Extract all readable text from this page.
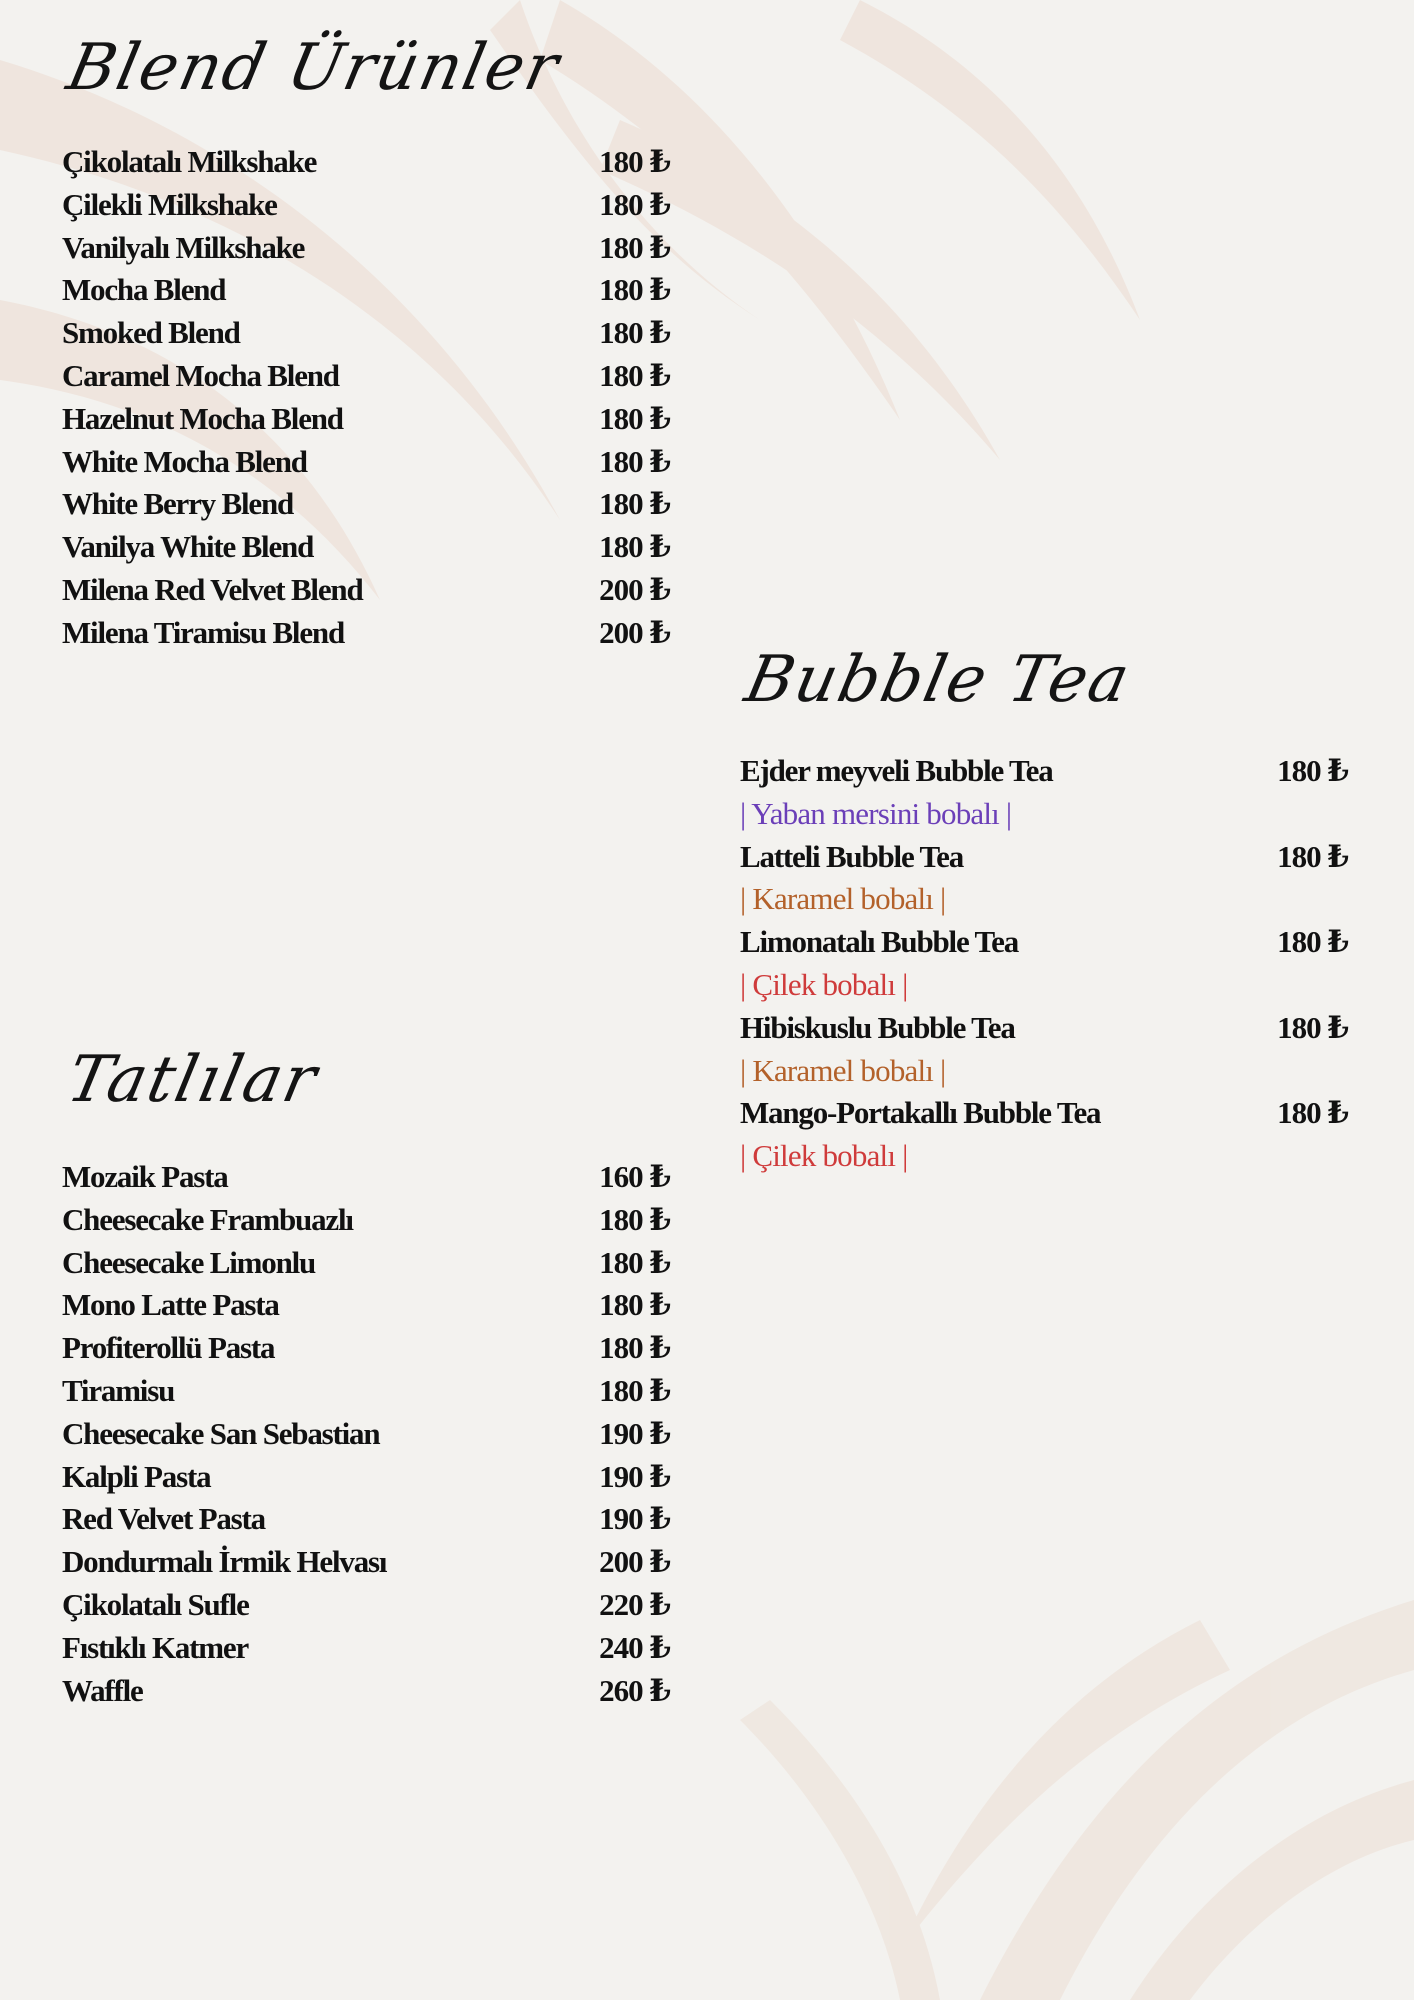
Blend Ürünler
Çikolatalı Milkshake	180 ₺
Çilekli Milkshake	180 ₺
Vanilyalı Milkshake	180 ₺
Mocha Blend	180 ₺
Smoked Blend	180 ₺
Caramel Mocha Blend	180 ₺
Hazelnut Mocha Blend	180 ₺
White Mocha Blend	180 ₺
White Berry Blend	180 ₺
Vanilya White Blend	180 ₺
Milena Red Velvet Blend	200 ₺
Milena Tiramisu Blend	200 ₺
Bubble Tea
Ejder meyveli Bubble Tea	180 ₺
| Yaban mersini bobalı |
Latteli Bubble Tea	180 ₺
| Karamel bobalı |
Limonatalı Bubble Tea	180 ₺
| Çilek bobalı |
Hibiskuslu Bubble Tea	180 ₺
| Karamel bobalı |
Mango-Portakallı Bubble Tea	180 ₺
| Çilek bobalı |
Tatlılar
Mozaik Pasta	160 ₺
Cheesecake Frambuazlı	180 ₺
Cheesecake Limonlu	180 ₺
Mono Latte Pasta	180 ₺
Profiterollü Pasta	180 ₺
Tiramisu	180 ₺
Cheesecake San Sebastian	190 ₺
Kalpli Pasta	190 ₺
Red Velvet Pasta	190 ₺
Dondurmalı İrmik Helvası	200 ₺
Çikolatalı Sufle	220 ₺
Fıstıklı Katmer	240 ₺
Waffle	260 ₺
